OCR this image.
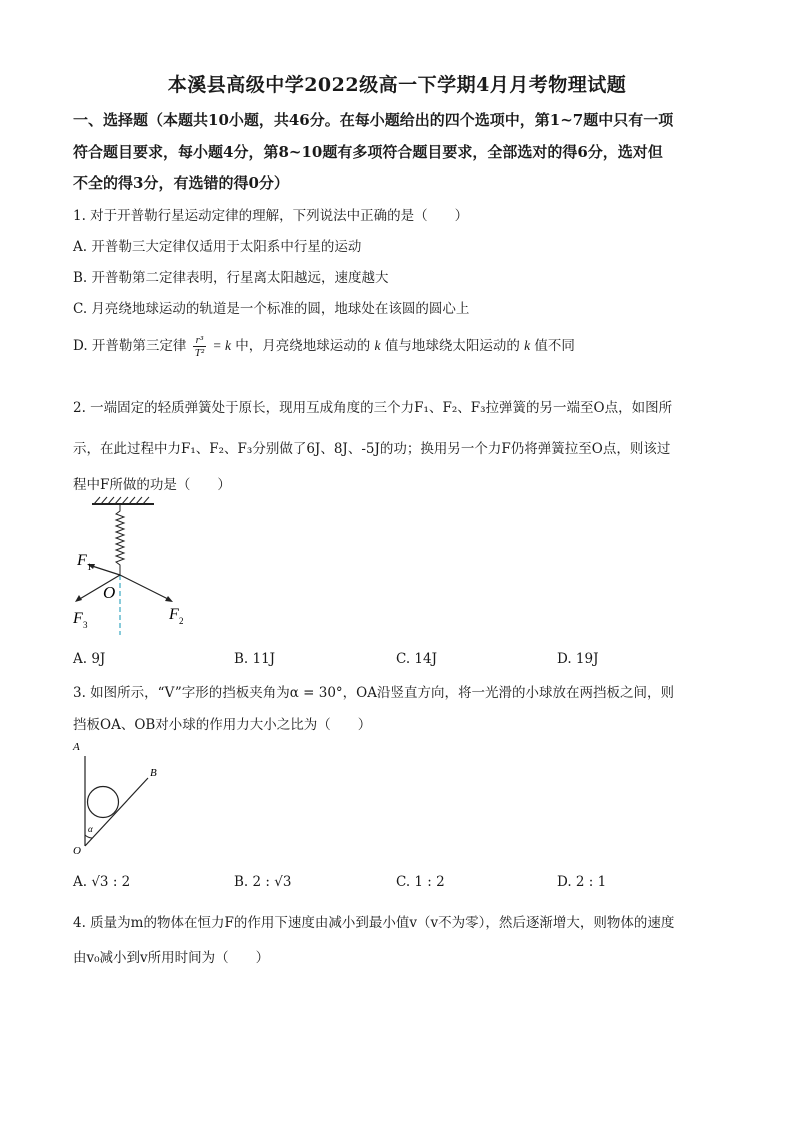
本溪县高级中学2022级高一下学期4月月考物理试题
一、选择题（本题共10小题，共46分。在每小题给出的四个选项中，第1~7题中只有一项
符合题目要求，每小题4分，第8~10题有多项符合题目要求，全部选对的得6分，选对但
不全的得3分，有选错的得0分）
1. 对于开普勒行星运动定律的理解，下列说法中正确的是（　　）
A. 开普勒三大定律仅适用于太阳系中行星的运动
B. 开普勒第二定律表明，行星离太阳越远，速度越大
C. 月亮绕地球运动的轨道是一个标准的圆，地球处在该圆的圆心上
D. 开普勒第三定律 $\frac{\text{r³}}{\text{T²}} = k$ 中，月亮绕地球运动的 k 值与地球绕太阳运动的 k 值不同
2. 一端固定的轻质弹簧处于原长，现用互成角度的三个力F₁、F₂、F₃拉弹簧的另一端至O点，如图所
示，在此过程中力F₁、F₂、F₃分别做了6J、8J、-5J的功；换用另一个力F仍将弹簧拉至O点，则该过
程中F所做的功是（　　）
F 1
O
F 3
F 2
A. 9J	B. 11J	C. 14J	D. 19J
3. 如图所示，“V”字形的挡板夹角为α = 30°，OA沿竖直方向，将一光滑的小球放在两挡板之间，则
挡板OA、OB对小球的作用力大小之比为（　　）
A
B
O
α
A. √3 : 2	B. 2 : √3	C. 1 : 2	D. 2 : 1
4. 质量为m的物体在恒力F的作用下速度由减小到最小值v（v不为零），然后逐渐增大，则物体的速度
由v₀减小到v所用时间为（　　）
